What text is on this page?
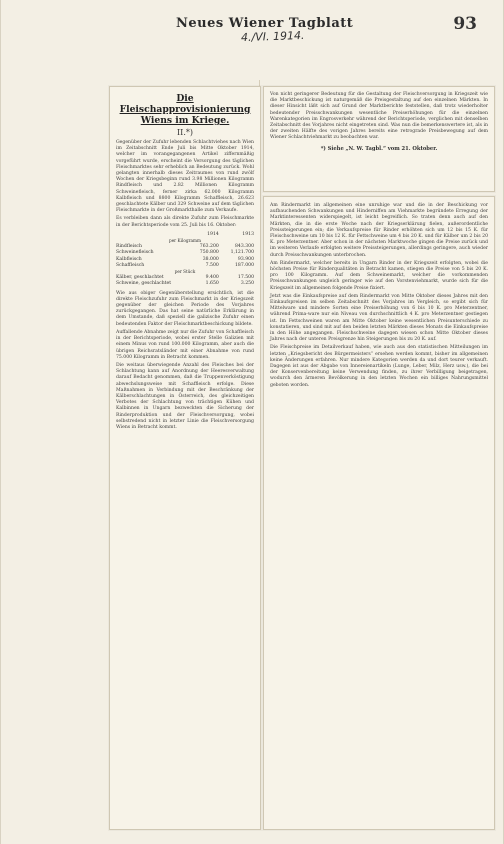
Neues Wiener Tagblatt	93
4./VI. 1914.
Die Fleischapprovisionierung Wiens im Kriege.
II.*)

Gegenüber der Zufuhr lebenden Schlachtviehes nach Wien im Zeitabschnitt Ende Juli bis Mitte Oktober 1914, welcher im vorangegangenen Artikel ziffernmäßig vorgeführt wurde, erscheint die Versorgung des täglichen Fleischmarktes sehr erheblich an Bedeutung zurück. Wohl gelangten innerhalb dieses Zeitraumes von rund zwölf Wochen der Kriegsbeginn rund 3.98 Millionen Kilogramm Rindfleisch und 2.82 Millionen Kilogramm Schweinefleisch, ferner zirka 62.000 Kilogramm Kalbfleisch und 8800 Kilogramm Schaffleisch, 26.623 geschlachtete Kälber und 329 Schweine auf dem täglichen Fleischmarkte in der Großmarkthalle zum Verkaufe.

Es verbleiben dann als direkte Zufuhr zum Fleischmarkte in der Berichtsperiode vom 25. Juli bis 16. Oktober:

	1914	1913
per Kilogramm		
Rindfleisch	763.200	843.300
Schweinefleisch	750.800	1,121.700
Kalbfleisch	38.000	93.900
Schaffleisch	7.500	187.000
per Stück		
Kälber, geschlachtet	9.400	17.500
Schweine, geschlachtet	1.650	3.250

Wie aus obiger Gegenüberstellung ersichtlich, ist die direkte Fleischzufuhr zum Fleischmarkt in der Kriegszeit gegenüber der gleichen Periode des Vorjahres zurückgegangen. Das hat seine natürliche Erklärung in dem Umstande, daß speziell die galizische Zufuhr einen bedeutenden Faktor der Fleischmarktbeschickung bildete.

Auffallende Abnahme zeigt nur die Zufuhr von Schaffleisch in der Berichtsperiode, wobei erster Stelle Galizien mit einem Minus von rund 100.000 Kilogramm, aber auch die übrigen Reichsratsländer mit einer Abnahme von rund 75.000 Kilogramm in Betracht kommen.

Die weitaus überwiegende Anzahl des Fleisches bei der Schlachtung kann auf Anordnung der Heeresverwaltung darauf Bedacht genommen, daß die Truppenverköstigung abwechslungsweise mit Schaffleisch erfolge. Diese Maßnahmen in Verbindung mit der Beschränkung der Kälberschlachtungen in Österreich, des gleichzeitigen Verbotes der Schlachtung von trächtigen Kühen und Kalbinnen in Ungarn bezweckten die Sicherung der Rinderproduktion und der Fleischversorgung, wobei selbstredend nicht in letzter Linie die Fleischversorgung Wiens in Betracht kommt.

Von nicht geringerer Bedeutung für die Gestaltung der Fleischversorgung in Kriegszeit wie die Marktbeschickung ist naturgemäß die Preisgestaltung auf den einzelnen Märkten. In dieser Hinsicht läßt sich auf Grund der Marktberichte feststellen, daß trotz wiederholter bedeutender Preisschwankungen wesentliche Preiserhöhungen für die einzelnen Warenkategorien im Engrosverkehr während der Berichtsperiode, verglichen mit denselben Zeitabschnitt des Vorjahres nicht eingetreten sind. Was nun die bemerkenswertere ist, als in der zweiten Hälfte des vorigen Jahres bereits eine retrograde Preisbewegung auf dem Wiener Schlachtviehmarkt zu beobachten war.

*) Siehe „N. W. Tagbl.“ vom 21. Oktober.

Am Rindermarkt im allgemeinen eine unruhige war und die in der Beschickung vor aufbauchenden Schwankungen und Hinderniffen am Viehmarkte begründete Erregung der Marktinteressenten widerspiegelt, ist leicht begreiflich. So traten denn auch auf den Märkten, die in die erste Woche nach der Kriegserklärung fielen, außerordentliche Preissteigerungen ein; die Verkaufspreise für Rinder erhöhten sich um 12 bis 15 K. für Fleischschweine um 10 bis 12 K. für Fettschweine um 4 bis 20 K. und für Kälber um 2 bis 20 K. pro Meterzentner. Aber schon in der nächsten Marktwoche gingen die Preise zurück und im weiteren Verlaufe erfolgten weitere Preissteigerungen, allerdings geringere, auch wieder durch Preisschwankungen unterbrochen.

Am Rindermarkt, welcher bereits in Ungarn Rinder in der Kriegszeit erfolgten, wobei die höchsten Preise für Rinderqualitäten in Betracht kamen, stiegen die Preise von 5 bis 20 K. pro 100 Kilogramm. Auf dem Schweinemarkt, welcher die vorkommenden Preisschwankungen ungleich geringer wie auf den Vorstenviehmarkt, wurde sich für die Kriegszeit im allgemeinen folgende Preise fixiert.

Jetzt was die Einkaufspreise auf dem Rindermarkt von Mitte Oktober dieses Jahres mit den Einkaufspreisen im selben Zeitabschnitt des Vorjahres im Vergleich, so ergibt sich für Mittelware und mindere Sorten eine Preiserhöhung von 6 bis 10 K. pro Meterzentner, während Prima-ware nur ein Niveau von durchschnittlich 4 K. pro Meterzentner gestiegen ist. Im Fettschweinen waren am Mitte Oktober keine wesentlichen Preisunterschiede zu konstatieren, und sind mit auf den beiden letzten Märkten dieses Monats die Einkaufspreise in den Höhe angegangen. Fleischschweine dagegen wiesen schon Mitte Oktober dieses Jahres nach der unteren Preisgrenze hin Steigerungen bis zu 20 K. auf.

Die Fleischpreise im Detailverkauf haben, wie auch aus den statistischen Mitteilungen im letzten „Kriegsbericht des Bürgermeisters“ ersehen werden kommt, bisher im allgemeinen keine Änderungen erfahren. Nur mindere Kategorien werden da und dort teurer verkauft. Dagegen ist aus der Abgabe von Innereienartikeln (Lunge, Leber, Milz, Herz usw.), die bei der Konservenbereitung keine Verwendung finden, zu ihrer Verbilligung beigetragen, wodurch den ärmeren Bevölkerung in den letzten Wochen ein billiges Nahrungsmittel geboten worden.
